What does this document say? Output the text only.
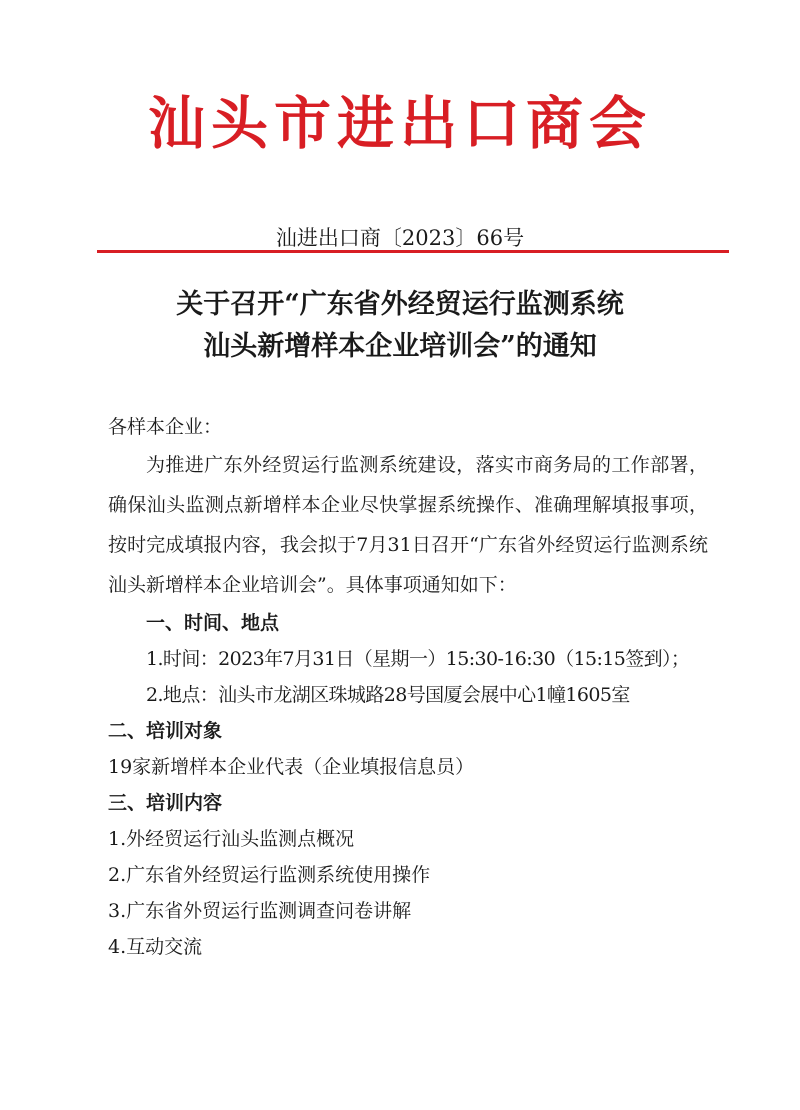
汕头市进出口商会
汕进出口商〔2023〕66号
关于召开“广东省外经贸运行监测系统
汕头新增样本企业培训会”的通知
各样本企业：

为推进广东外经贸运行监测系统建设，落实市商务局的工作部署，确保汕头监测点新增样本企业尽快掌握系统操作、准确理解填报事项，按时完成填报内容，我会拟于7月31日召开“广东省外经贸运行监测系统汕头新增样本企业培训会”。具体事项通知如下：

一、时间、地点
1.时间：2023年7月31日（星期一）15:30-16:30（15:15签到）；
2.地点：汕头市龙湖区珠城路28号国厦会展中心1幢1605室
二、培训对象
19家新增样本企业代表（企业填报信息员）
三、培训内容
1.外经贸运行汕头监测点概况
2.广东省外经贸运行监测系统使用操作
3.广东省外贸运行监测调查问卷讲解
4.互动交流
